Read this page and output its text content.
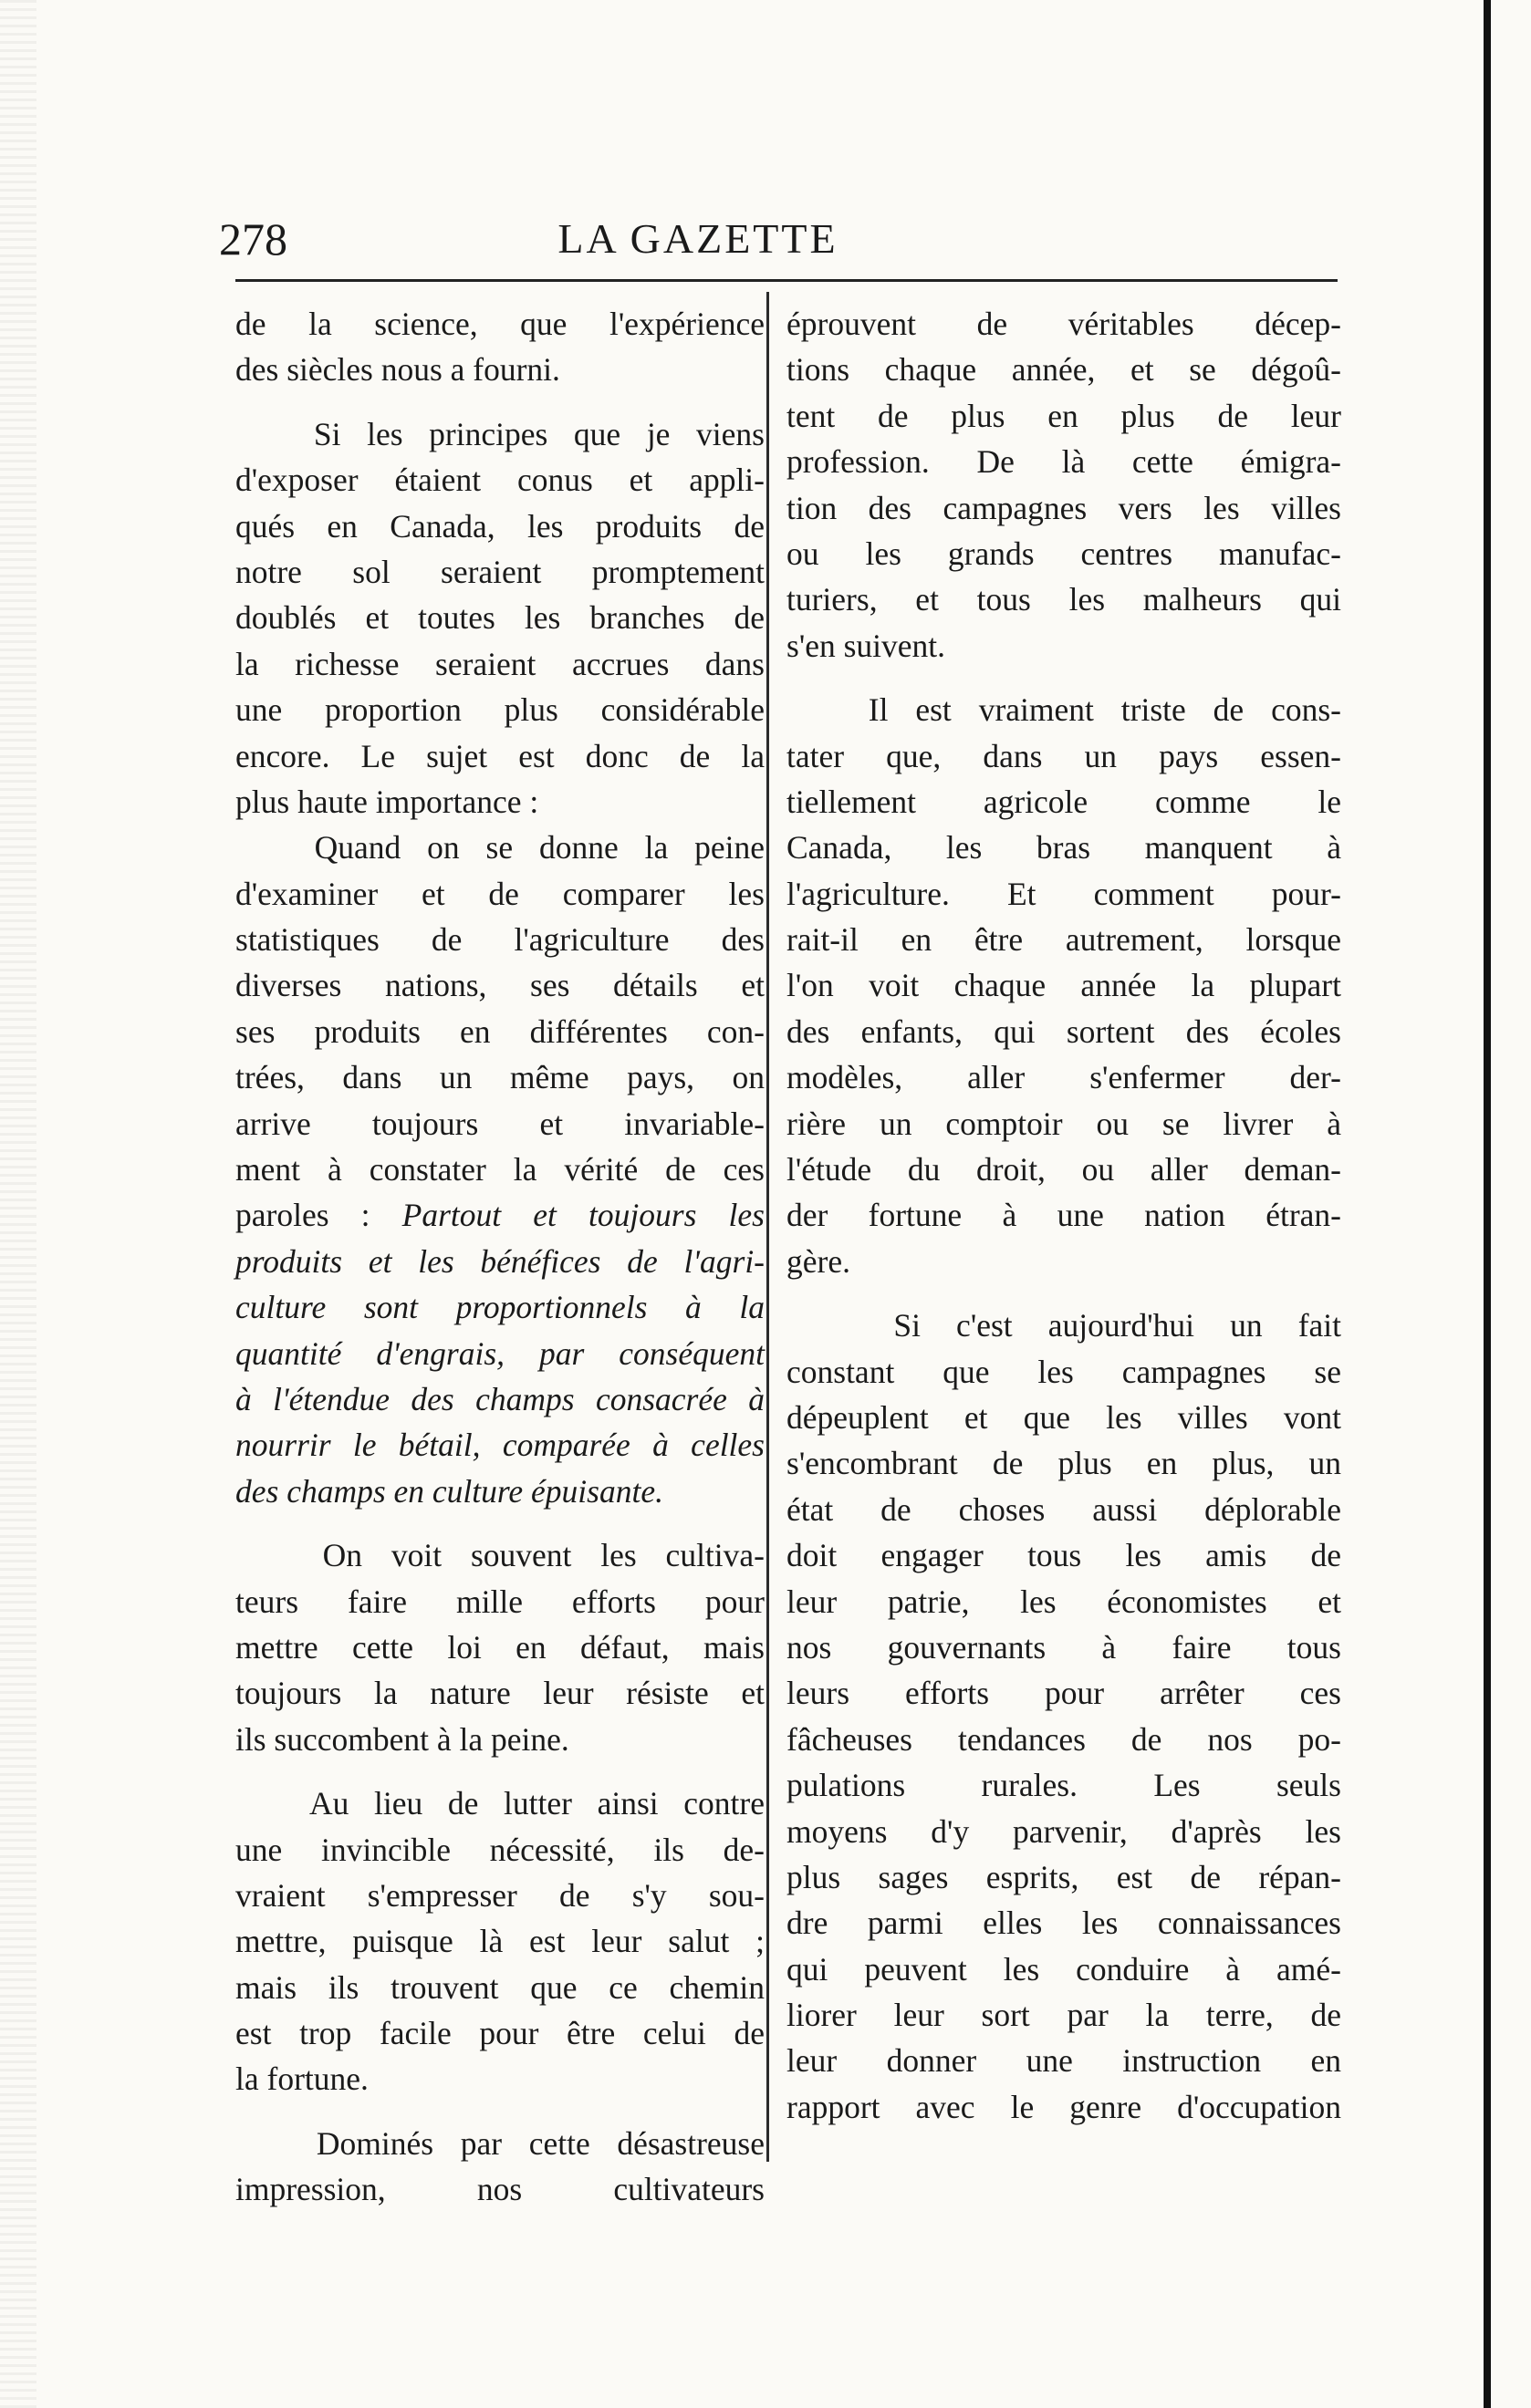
278	LA GAZETTE
de la science, que l'expérience
des siècles nous a fourni.
Si les principes que je viens
d'exposer étaient conus et appli-
qués en Canada, les produits de
notre sol seraient promptement
doublés et toutes les branches de
la richesse seraient accrues dans
une proportion plus considérable
encore. Le sujet est donc de la
plus haute importance :
Quand on se donne la peine
d'examiner et de comparer les
statistiques de l'agriculture des
diverses nations, ses détails et
ses produits en différentes con-
trées, dans un même pays, on
arrive toujours et invariable-
ment à constater la vérité de ces
paroles : Partout et toujours les
produits et les bénéfices de l'agri-
culture sont proportionnels à la
quantité d'engrais, par conséquent
à l'étendue des champs consacrée à
nourrir le bétail, comparée à celles
des champs en culture épuisante.
On voit souvent les cultiva-
teurs faire mille efforts pour
mettre cette loi en défaut, mais
toujours la nature leur résiste et
ils succombent à la peine.
Au lieu de lutter ainsi contre
une invincible nécessité, ils de-
vraient s'empresser de s'y sou-
mettre, puisque là est leur salut ;
mais ils trouvent que ce chemin
est trop facile pour être celui de
la fortune.
Dominés par cette désastreuse
impression, nos cultivateurs
éprouvent de véritables décep-
tions chaque année, et se dégoû-
tent de plus en plus de leur
profession. De là cette émigra-
tion des campagnes vers les villes
ou les grands centres manufac-
turiers, et tous les malheurs qui
s'en suivent.
Il est vraiment triste de cons-
tater que, dans un pays essen-
tiellement agricole comme le
Canada, les bras manquent à
l'agriculture. Et comment pour-
rait-il en être autrement, lorsque
l'on voit chaque année la plupart
des enfants, qui sortent des écoles
modèles, aller s'enfermer der-
rière un comptoir ou se livrer à
l'étude du droit, ou aller deman-
der fortune à une nation étran-
gère.
Si c'est aujourd'hui un fait
constant que les campagnes se
dépeuplent et que les villes vont
s'encombrant de plus en plus, un
état de choses aussi déplorable
doit engager tous les amis de
leur patrie, les économistes et
nos gouvernants à faire tous
leurs efforts pour arrêter ces
fâcheuses tendances de nos po-
pulations rurales. Les seuls
moyens d'y parvenir, d'après les
plus sages esprits, est de répan-
dre parmi elles les connaissances
qui peuvent les conduire à amé-
liorer leur sort par la terre, de
leur donner une instruction en
rapport avec le genre d'occupation
